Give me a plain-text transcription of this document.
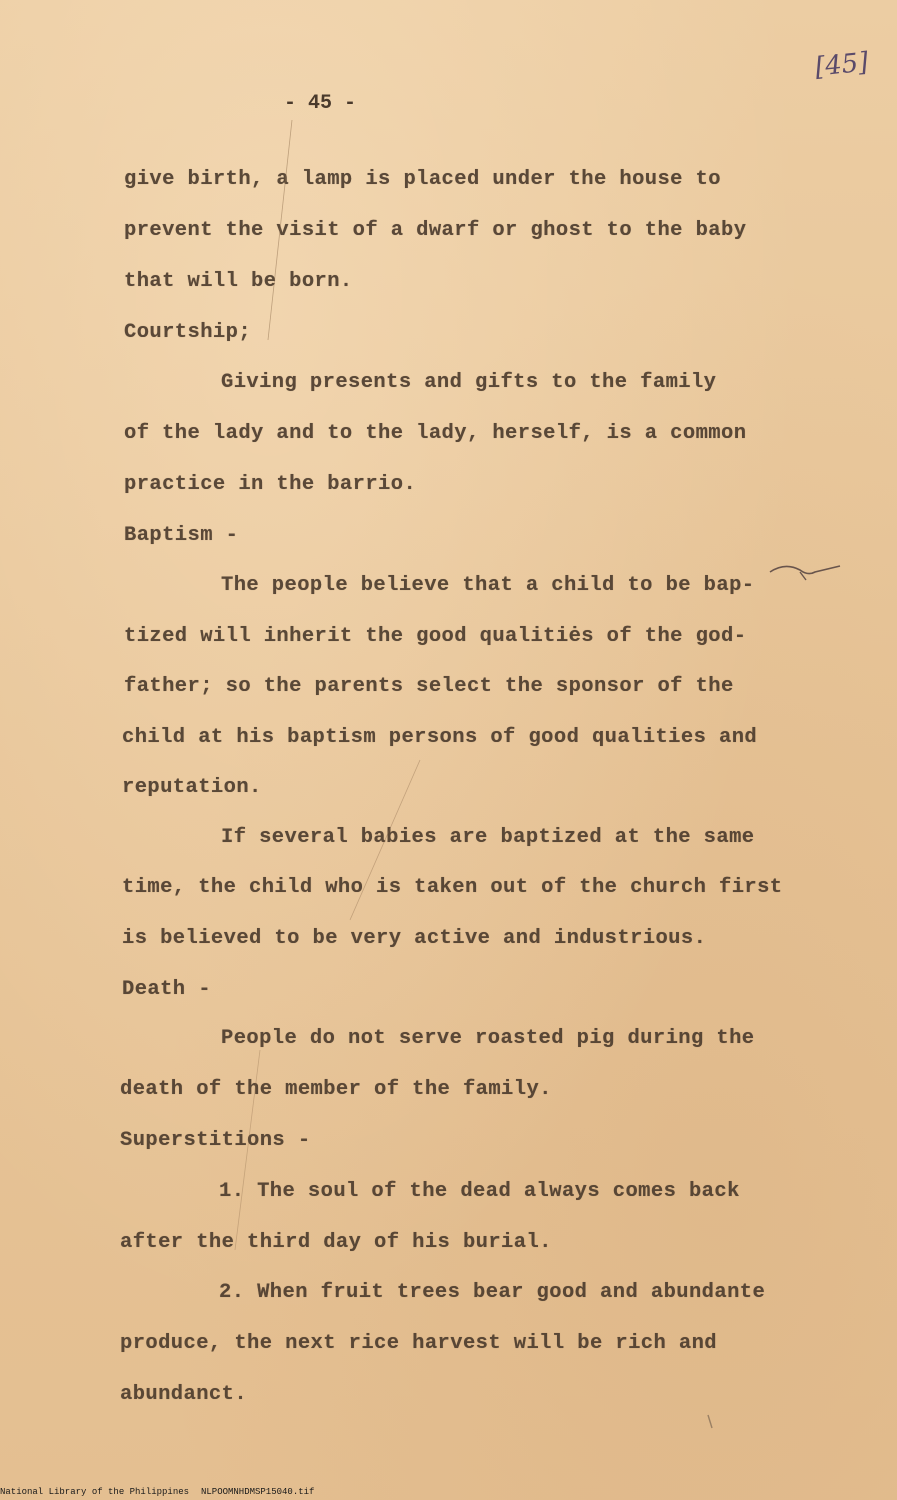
[45]
- 45 -
give birth, a lamp is placed under the house to
prevent the visit of a dwarf or ghost to the baby
that will be born.
Courtship;
Giving presents and gifts to the family
of the lady and to the lady, herself, is a common
practice in the barrio.
Baptism -
The people believe that a child to be bap-
tized will inherit the good qualitiės of the god-
father; so the parents select the sponsor of the
child at his baptism persons of good qualities and
reputation.
If several babies are baptized at the same
time, the child who is taken out of the church first
is believed to be very active and industrious.
Death -
People do not serve roasted pig during the
death of the member of the family.
Superstitions -
1. The soul of the dead always comes back
after the third day of his burial.
2. When fruit trees bear good and abundante
produce, the next rice harvest will be rich and
abundanct.
National Library of the Philippines NLPOOMNHDMSP15040.tif
